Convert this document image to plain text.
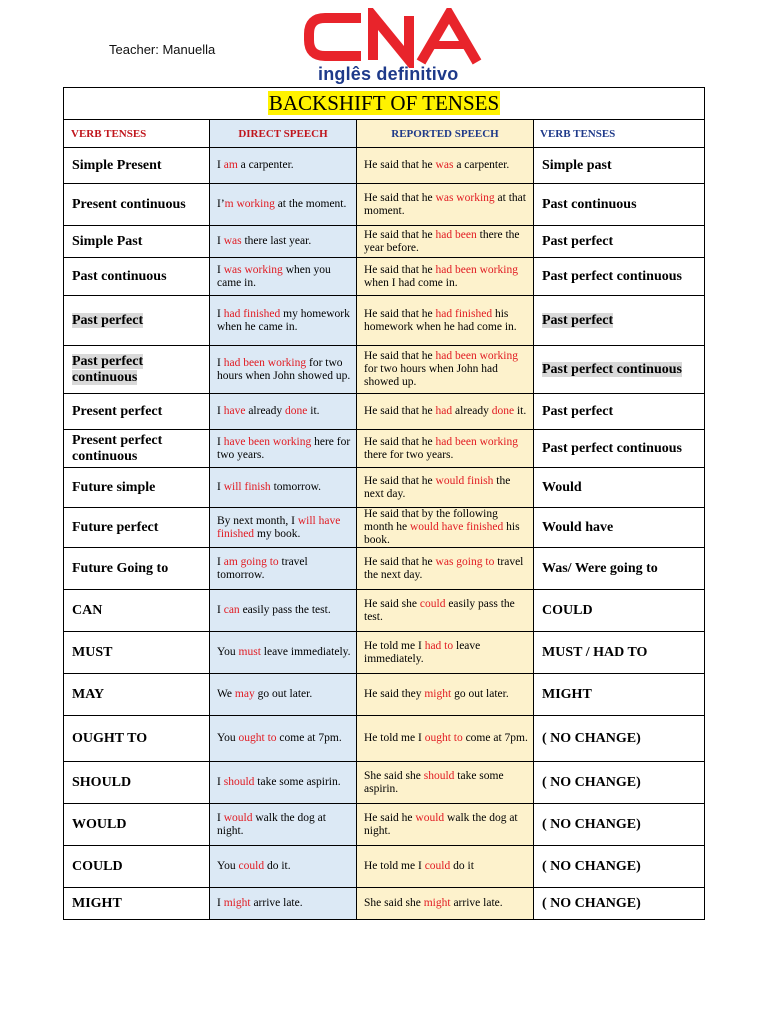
Teacher: Manuella
inglês definitivo
BACKSHIFT OF TENSES			
VERB TENSES	DIRECT SPEECH	REPORTED SPEECH	VERB TENSES
Simple Present	I am a carpenter.	He said that he was a carpenter.	Simple past
Present continuous	I’m working at the moment.	He said that he was working at that moment.	Past continuous
Simple Past	I was there last year.	He said that he had been there the year before.	Past perfect
Past continuous	I was working when you came in.	He said that he had been working when I had come in.	Past perfect continuous
Past perfect	I had finished my homework when he came in.	He said that he had finished his homework when he had come in.	Past perfect
Past perfect continuous	I had been working for two hours when John showed up.	He said that he had been working for two hours when John had showed up.	Past perfect continuous
Present perfect	I have already done it.	He said that he had already done it.	Past perfect
Present perfect continuous	I have been working here for two years.	He said that he had been working there for two years.	Past perfect continuous
Future simple	I will finish tomorrow.	He said that he would finish the next day.	Would
Future perfect	By next month, I will have finished my book.	He said that by the following month he would have finished his book.	Would have
Future Going to	I am going to travel tomorrow.	He said that he was going to travel the next day.	Was/ Were going to
CAN	I can easily pass the test.	He said she could easily pass the test.	COULD
MUST	You must leave immediately.	He told me I had to leave immediately.	MUST / HAD TO
MAY	We may go out later.	He said they might go out later.	MIGHT
OUGHT TO	You ought to come at 7pm.	He told me I ought to come at 7pm.	( NO CHANGE)
SHOULD	I should take some aspirin.	She said she should take some aspirin.	( NO CHANGE)
WOULD	I would walk the dog at night.	He said he would walk the dog at night.	( NO CHANGE)
COULD	You could do it.	He told me I could do it	( NO CHANGE)
MIGHT	I might arrive late.	She said she might arrive late.	( NO CHANGE)
